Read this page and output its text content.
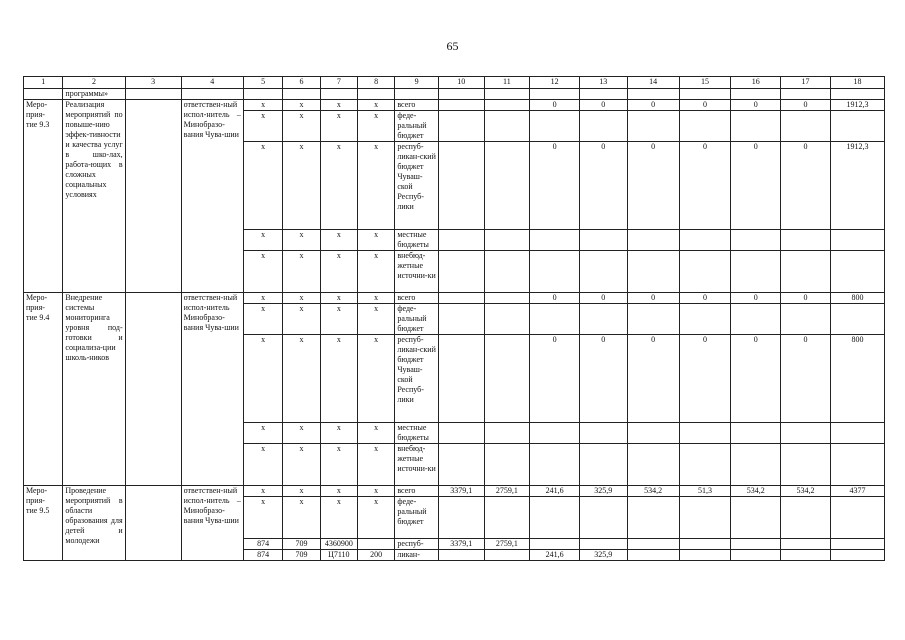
65
1	2	3	4	5	6	7	8	9	10	11	12	13	14	15	16	17	18
	программы»																
Меро-
прия-
тие 9.3	Реализация мероприятий по повыше-нию эффек-тивности и качества услуг в шко-лах, работа-ющих в сложных социальных условиях		ответствен-ный испол-нитель – Минобразо-вания Чува-шии	x	x	x	x	всего			0	0	0	0	0	0	1912,3
				x	x	x	x	феде-ральный бюджет									
				x	x	x	x	респуб-ликан-ский бюджет Чуваш-ской Респуб-лики			0	0	0	0	0	0	1912,3
				x	x	x	x	местные бюджеты									
				x	x	x	x	внебюд-жетные источни-ки									
Меро-
прия-
тие 9.4	Внедрение системы мониторинга уровня под-готовки и социализа-ции школь-ников		ответствен-ный испол-нитель Минобразо-вания Чува-шии	x	x	x	x	всего			0	0	0	0	0	0	800
				x	x	x	x	феде-ральный бюджет									
				x	x	x	x	респуб-ликан-ский бюджет Чуваш-ской Респуб-лики			0	0	0	0	0	0	800
				x	x	x	x	местные бюджеты									
				x	x	x	x	внебюд-жетные источни-ки									
Меро-
прия-
тие 9.5	Проведение мероприятий в области образования для детей и молодежи		ответствен-ный испол-нитель – Минобразо-вания Чува-шии	x	x	x	x	всего	3379,1	2759,1	241,6	325,9	534,2	51,3	534,2	534,2	4377
				x	x	x	x	феде-ральный бюджет									
				874	709	4360900		респуб-	3379,1	2759,1							
				874	709	Ц7110	200	ликан-			241,6	325,9					
